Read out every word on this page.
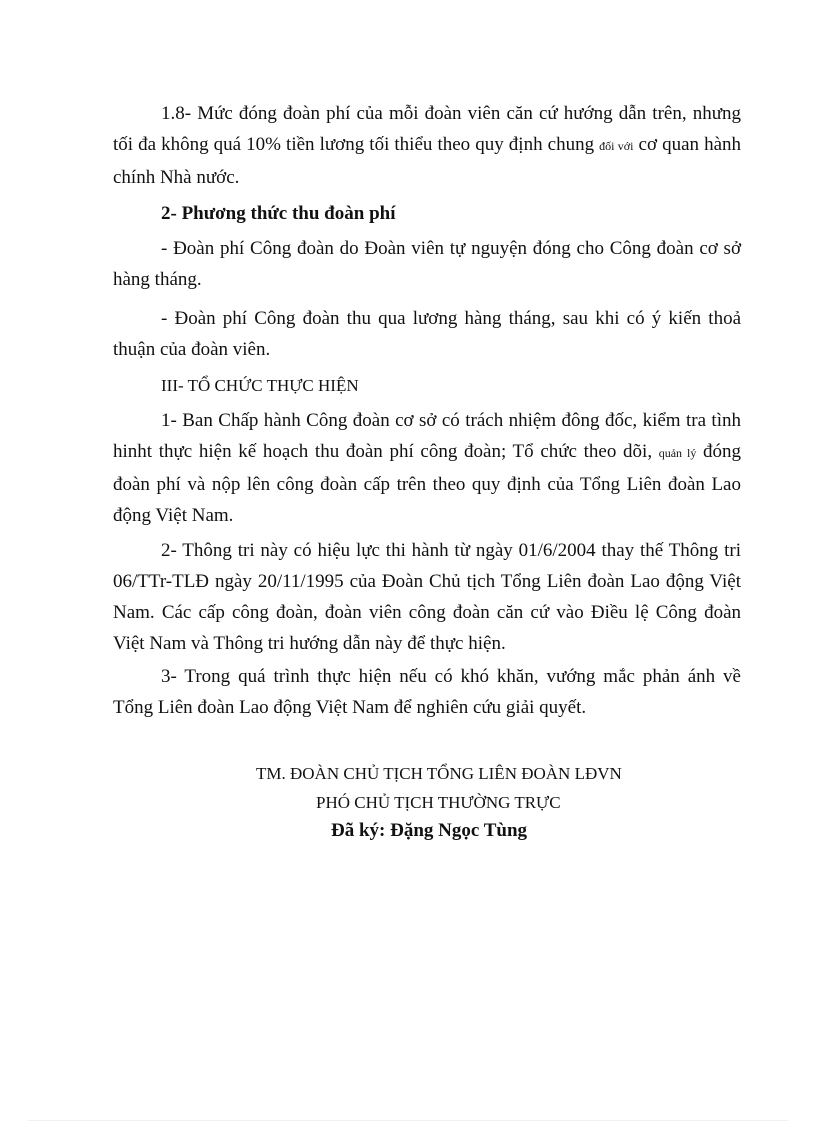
1.8- Mức đóng đoàn phí của mỗi đoàn viên căn cứ hướng dẫn trên, nhưng tối đa không quá 10% tiền lương tối thiểu theo quy định chung đối với cơ quan hành chính Nhà nước.

2- Phương thức thu đoàn phí

- Đoàn phí Công đoàn do Đoàn viên tự nguyện đóng cho Công đoàn cơ sở hàng tháng.

- Đoàn phí Công đoàn thu qua lương hàng tháng, sau khi có ý kiến thoả thuận của đoàn viên.

III- TỔ CHỨC THỰC HIỆN

1- Ban Chấp hành Công đoàn cơ sở có trách nhiệm đông đốc, kiểm tra tình hinht thực hiện kế hoạch thu đoàn phí công đoàn; Tổ chức theo dõi, quản lý đóng đoàn phí và nộp lên công đoàn cấp trên theo quy định của Tổng Liên đoàn Lao động Việt Nam.

2- Thông tri này có hiệu lực thi hành từ ngày 01/6/2004 thay thế Thông tri 06/TTr-TLĐ ngày 20/11/1995 của Đoàn Chủ tịch Tổng Liên đoàn Lao động Việt Nam. Các cấp công đoàn, đoàn viên công đoàn căn cứ vào Điều lệ Công đoàn Việt Nam và Thông tri hướng dẫn này để thực hiện.

3- Trong quá trình thực hiện nếu có khó khăn, vướng mắc phản ánh về Tổng Liên đoàn Lao động Việt Nam để nghiên cứu giải quyết.

TM. ĐOÀN CHỦ TỊCH TỔNG LIÊN ĐOÀN LĐVN
PHÓ CHỦ TỊCH THƯỜNG TRỰC
Đã ký: Đặng Ngọc Tùng
